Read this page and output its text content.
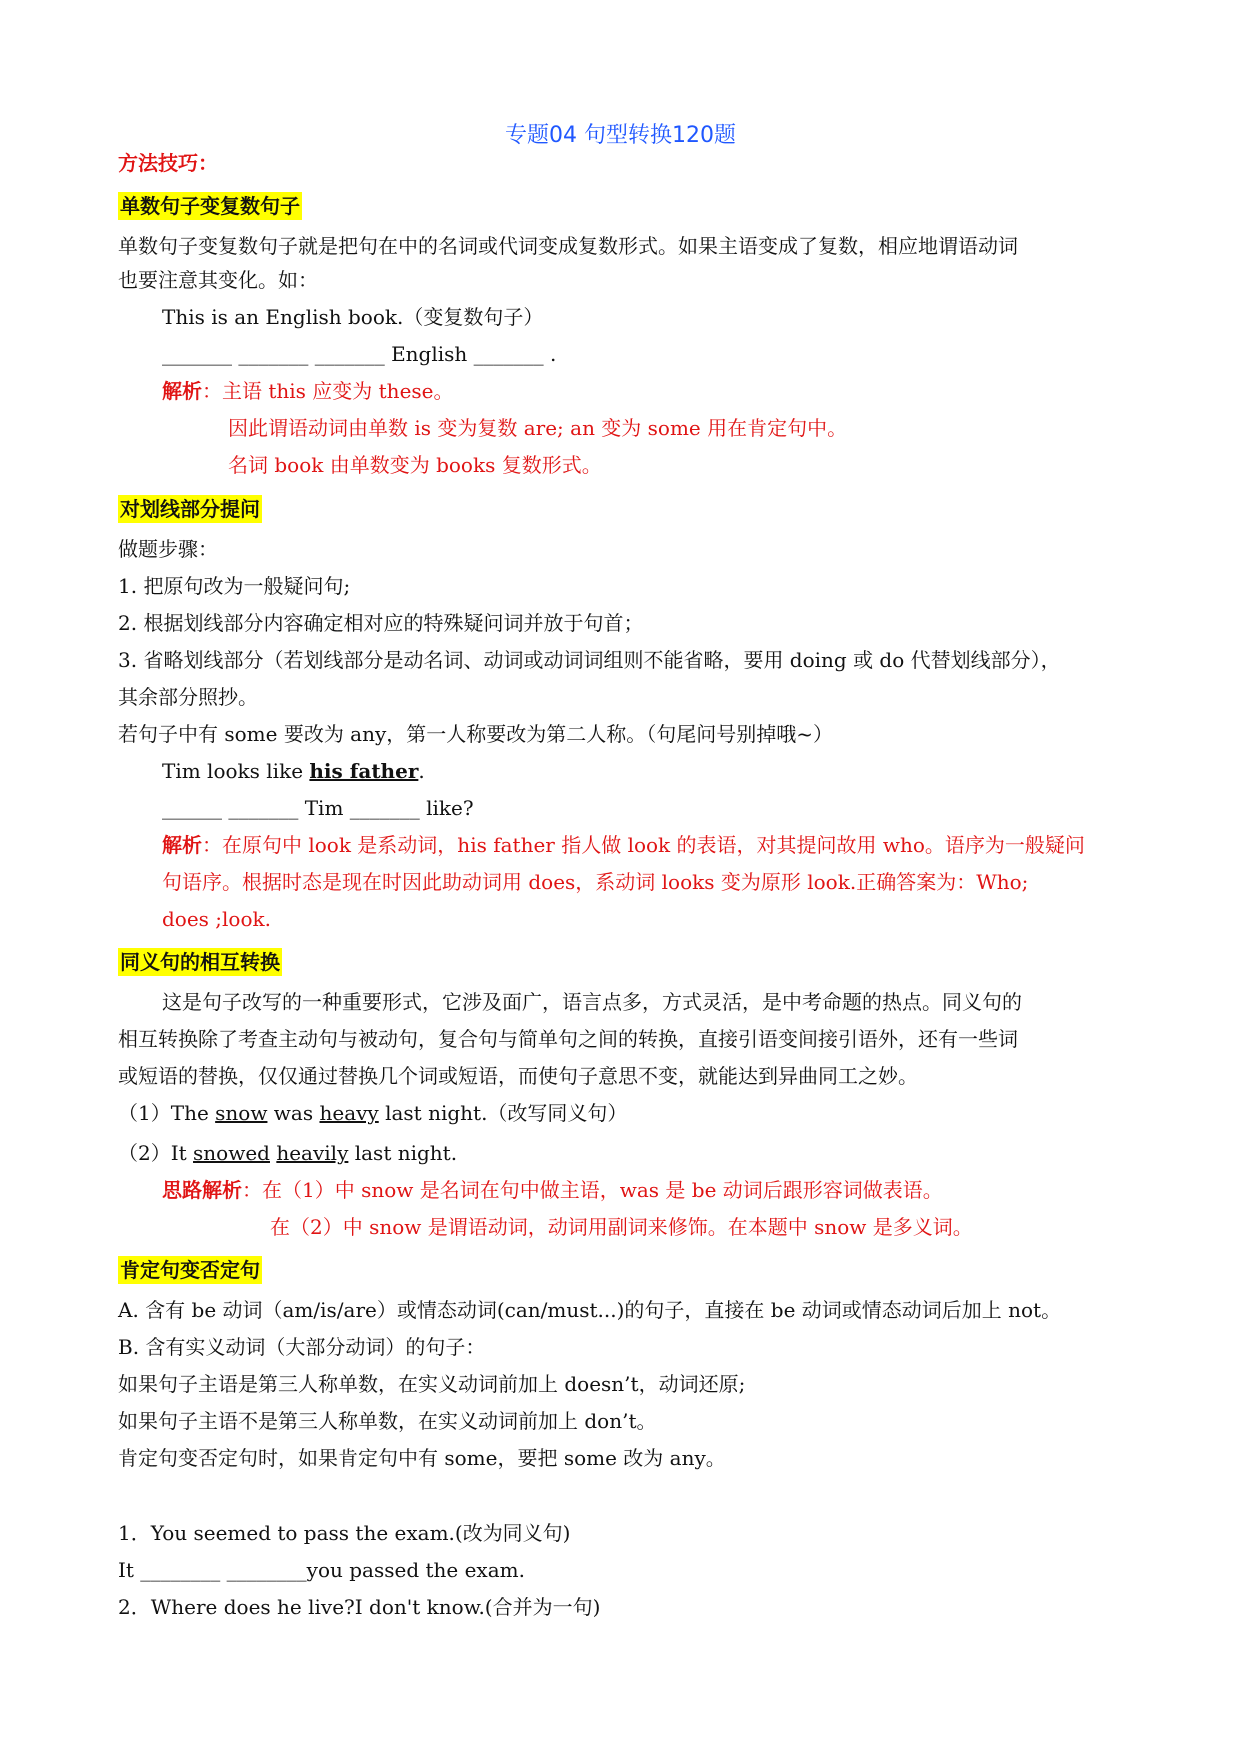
专题04 句型转换120题
方法技巧：
单数句子变复数句子
单数句子变复数句子就是把句在中的名词或代词变成复数形式。如果主语变成了复数，相应地谓语动词
也要注意其变化。如：
This is an English book.（变复数句子）
_______ _______ _______ English _______ .
解析：主语 this 应变为 these。
因此谓语动词由单数 is 变为复数 are; an 变为 some 用在肯定句中。
名词 book 由单数变为 books 复数形式。
对划线部分提问
做题步骤：
1. 把原句改为一般疑问句;
2. 根据划线部分内容确定相对应的特殊疑问词并放于句首；
3. 省略划线部分（若划线部分是动名词、动词或动词词组则不能省略，要用 doing 或 do 代替划线部分），
其余部分照抄。
若句子中有 some 要改为 any，第一人称要改为第二人称。（句尾问号别掉哦~）
Tim looks like his father.
______ _______ Tim _______ like?
解析：在原句中 look 是系动词，his father 指人做 look 的表语，对其提问故用 who。语序为一般疑问
句语序。根据时态是现在时因此助动词用 does，系动词 looks 变为原形 look.正确答案为：Who;
does ;look.
同义句的相互转换
这是句子改写的一种重要形式，它涉及面广，语言点多，方式灵活，是中考命题的热点。同义句的
相互转换除了考查主动句与被动句，复合句与简单句之间的转换，直接引语变间接引语外，还有一些词
或短语的替换，仅仅通过替换几个词或短语，而使句子意思不变，就能达到异曲同工之妙。
（1）The snow was heavy last night.（改写同义句）
（2）It snowed heavily last night.
思路解析：在（1）中 snow 是名词在句中做主语，was 是 be 动词后跟形容词做表语。
在（2）中 snow 是谓语动词，动词用副词来修饰。在本题中 snow 是多义词。
肯定句变否定句
A. 含有 be 动词（am/is/are）或情态动词(can/must...)的句子，直接在 be 动词或情态动词后加上 not。
B. 含有实义动词（大部分动词）的句子：
如果句子主语是第三人称单数，在实义动词前加上 doesn’t，动词还原;
如果句子主语不是第三人称单数，在实义动词前加上 don’t。
肯定句变否定句时，如果肯定句中有 some，要把 some 改为 any。
1．You seemed to pass the exam.(改为同义句)
It ________ ________you passed the exam.
2．Where does he live?I don't know.(合并为一句)
